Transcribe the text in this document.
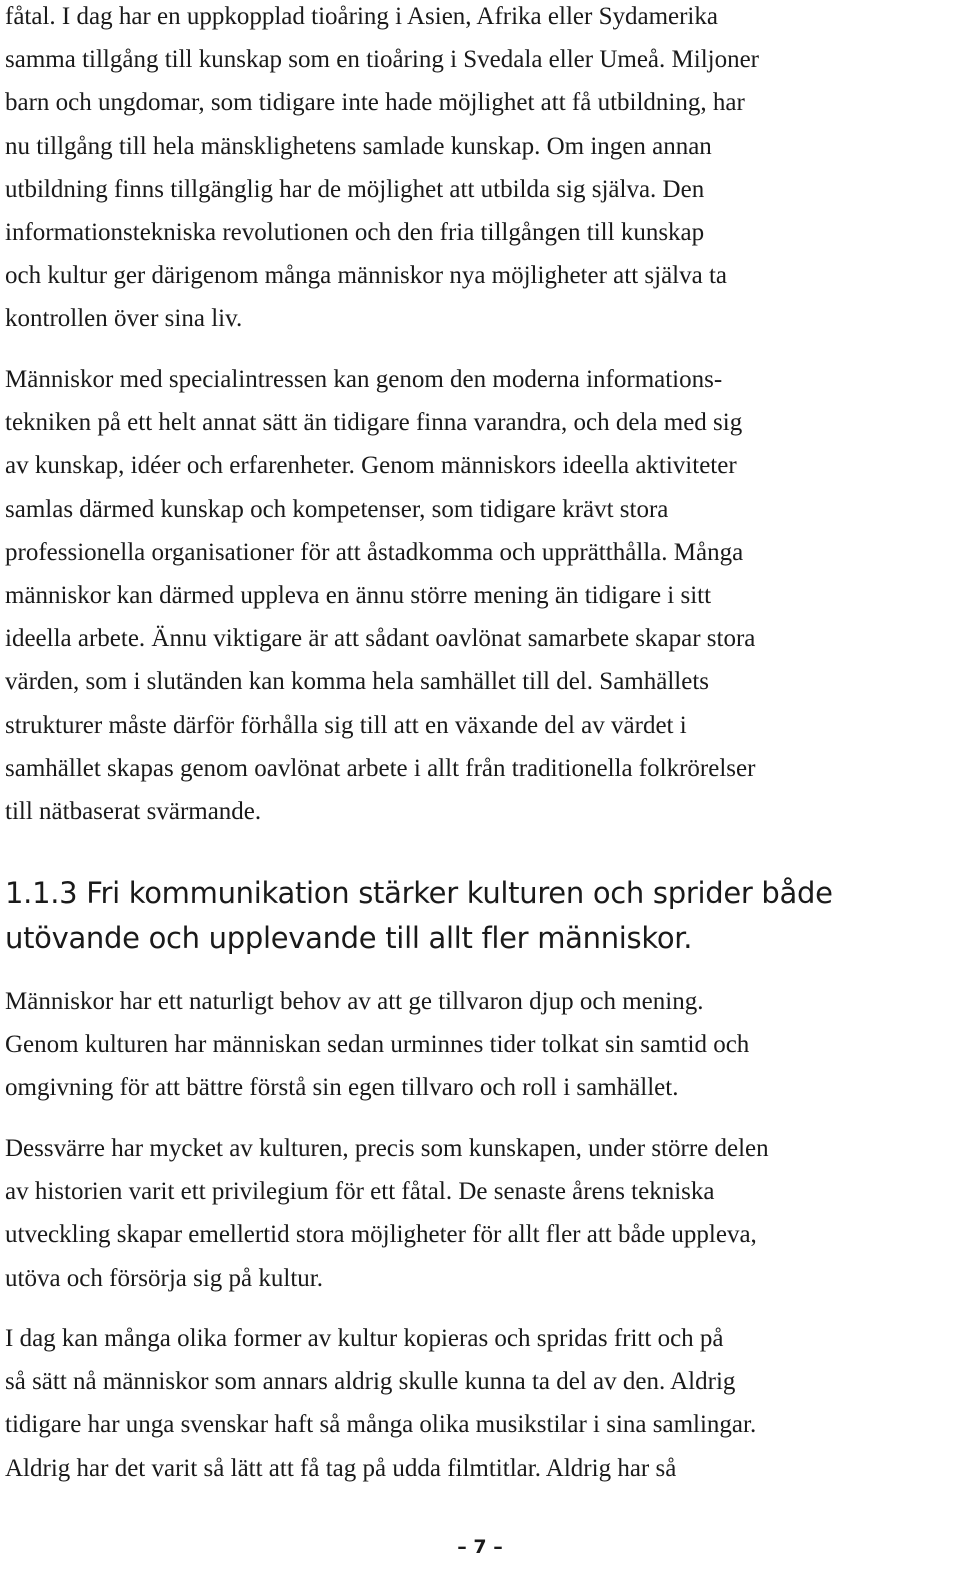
fåtal. I dag har en uppkopplad tioåring i Asien, Afrika eller Sydamerika
samma tillgång till kunskap som en tioåring i Svedala eller Umeå. Miljoner
barn och ungdomar, som tidigare inte hade möjlighet att få utbildning, har
nu tillgång till hela mänsklighetens samlade kunskap. Om ingen annan
utbildning finns tillgänglig har de möjlighet att utbilda sig själva. Den
informationstekniska revolutionen och den fria tillgången till kunskap
och kultur ger därigenom många människor nya möjligheter att själva ta
kontrollen över sina liv.
Människor med specialintressen kan genom den moderna informations-
tekniken på ett helt annat sätt än tidigare finna varandra, och dela med sig
av kunskap, idéer och erfarenheter. Genom människors ideella aktiviteter
samlas därmed kunskap och kompetenser, som tidigare krävt stora
professionella organisationer för att åstadkomma och upprätthålla. Många
människor kan därmed uppleva en ännu större mening än tidigare i sitt
ideella arbete. Ännu viktigare är att sådant oavlönat samarbete skapar stora
värden, som i slutänden kan komma hela samhället till del. Samhällets
strukturer måste därför förhålla sig till att en växande del av värdet i
samhället skapas genom oavlönat arbete i allt från traditionella folkrörelser
till nätbaserat svärmande.
1.1.3 Fri kommunikation stärker kulturen och sprider både
utövande och upplevande till allt fler människor.
Människor har ett naturligt behov av att ge tillvaron djup och mening.
Genom kulturen har människan sedan urminnes tider tolkat sin samtid och
omgivning för att bättre förstå sin egen tillvaro och roll i samhället.
Dessvärre har mycket av kulturen, precis som kunskapen, under större delen
av historien varit ett privilegium för ett fåtal. De senaste årens tekniska
utveckling skapar emellertid stora möjligheter för allt fler att både uppleva,
utöva och försörja sig på kultur.
I dag kan många olika former av kultur kopieras och spridas fritt och på
så sätt nå människor som annars aldrig skulle kunna ta del av den. Aldrig
tidigare har unga svenskar haft så många olika musikstilar i sina samlingar.
Aldrig har det varit så lätt att få tag på udda filmtitlar. Aldrig har så
– 7 –
